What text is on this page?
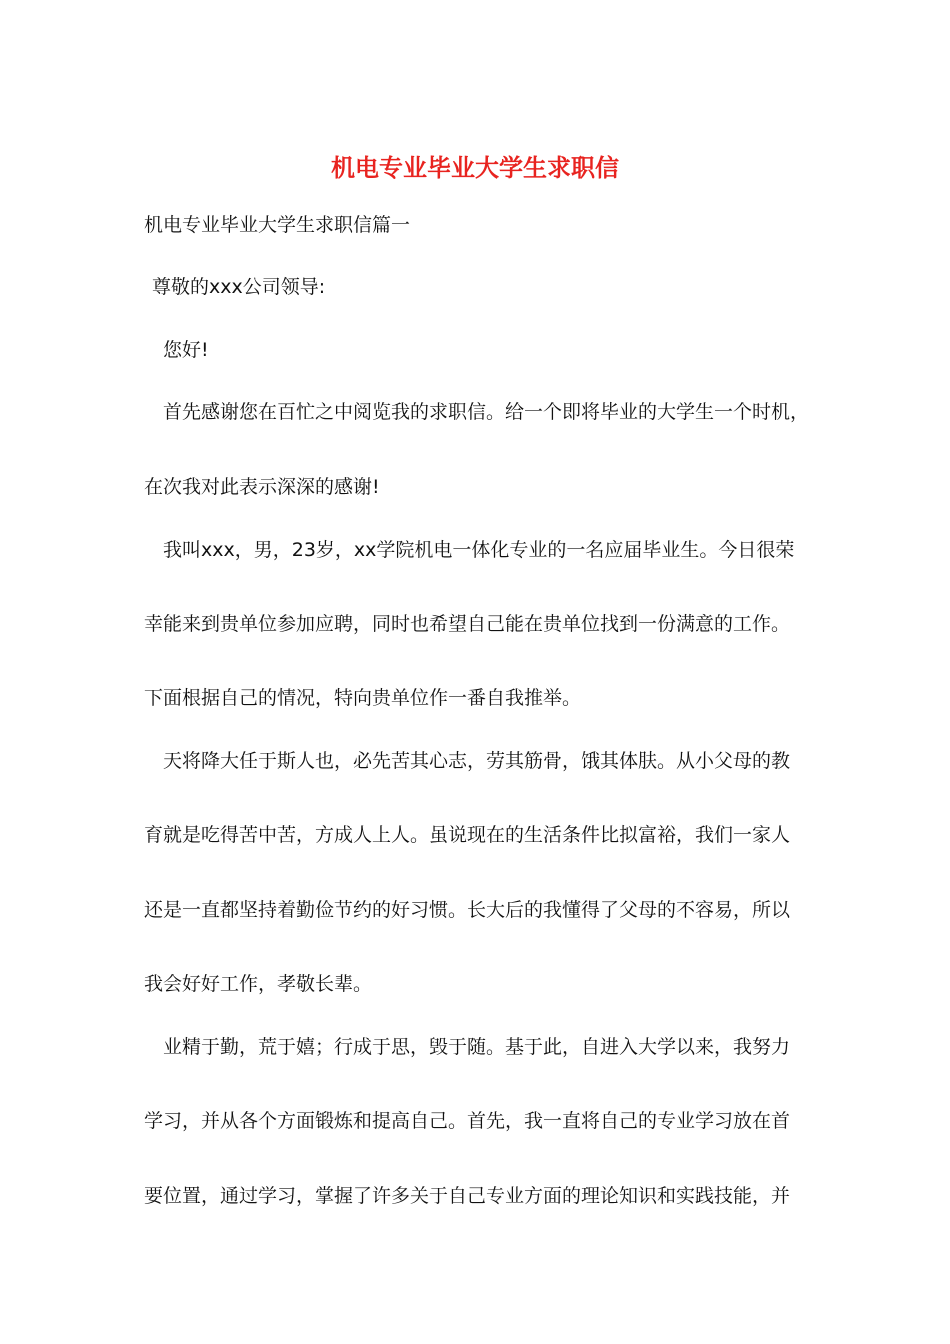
机电专业毕业大学生求职信

机电专业毕业大学生求职信篇一

尊敬的xxx公司领导:

您好!

首先感谢您在百忙之中阅览我的求职信。给一个即将毕业的大学生一个时机，

在次我对此表示深深的感谢!

我叫xxx，男，23岁，xx学院机电一体化专业的一名应届毕业生。今日很荣

幸能来到贵单位参加应聘，同时也希望自己能在贵单位找到一份满意的工作。

下面根据自己的情况，特向贵单位作一番自我推举。

天将降大任于斯人也，必先苦其心志，劳其筋骨，饿其体肤。从小父母的教

育就是吃得苦中苦，方成人上人。虽说现在的生活条件比拟富裕，我们一家人

还是一直都坚持着勤俭节约的好习惯。长大后的我懂得了父母的不容易，所以

我会好好工作，孝敬长辈。

业精于勤，荒于嬉；行成于思，毁于随。基于此，自进入大学以来，我努力

学习，并从各个方面锻炼和提高自己。首先，我一直将自己的专业学习放在首

要位置，通过学习，掌握了许多关于自己专业方面的理论知识和实践技能，并
